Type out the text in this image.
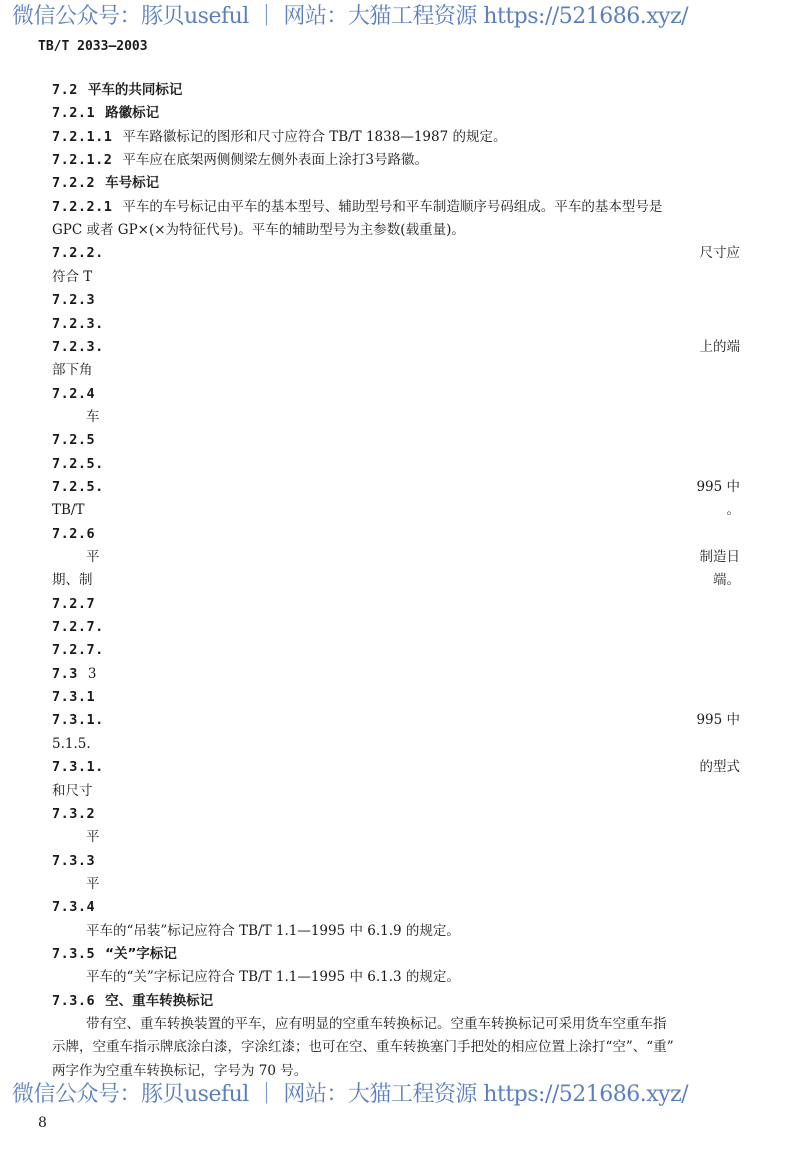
微信公众号：豚贝useful ｜ 网站：大猫工程资源 https://521686.xyz/
TB/T 2033—2003
7.2 平车的共同标记
7.2.1 路徽标记
7.2.1.1 平车路徽标记的图形和尺寸应符合 TB/T 1838—1987 的规定。
7.2.1.2 平车应在底架两侧侧梁左侧外表面上涂打3号路徽。
7.2.2 车号标记
7.2.2.1 平车的车号标记由平车的基本型号、辅助型号和平车制造顺序号码组成。平车的基本型号是
GPC 或者 GP×(×为特征代号)。平车的辅助型号为主参数(载重量)。
7.2.2.
符合 T
7.2.3
7.2.3.
7.2.3.
部下角
7.2.4
车
7.2.5
7.2.5.
7.2.5.
TB/T
7.2.6
平
期、制
7.2.7
7.2.7.
7.2.7.
7.3 3
7.3.1
7.3.1.
5.1.5.
7.3.1.
和尺寸
7.3.2
平
7.3.3
平
7.3.4
平车的“吊装”标记应符合 TB/T 1.1—1995 中 6.1.9 的规定。
7.3.5 “关”字标记
平车的“关”字标记应符合 TB/T 1.1—1995 中 6.1.3 的规定。
7.3.6 空、重车转换标记
带有空、重车转换装置的平车，应有明显的空重车转换标记。空重车转换标记可采用货车空重车指
示牌，空重车指示牌底涂白漆，字涂红漆；也可在空、重车转换塞门手把处的相应位置上涂打“空”、“重”
两字作为空重车转换标记，字号为 70 号。
尺寸应
上的端
995 中
。
制造日
端。
995 中
的型式
微信公众号：豚贝useful ｜ 网站：大猫工程资源 https://521686.xyz/
8
